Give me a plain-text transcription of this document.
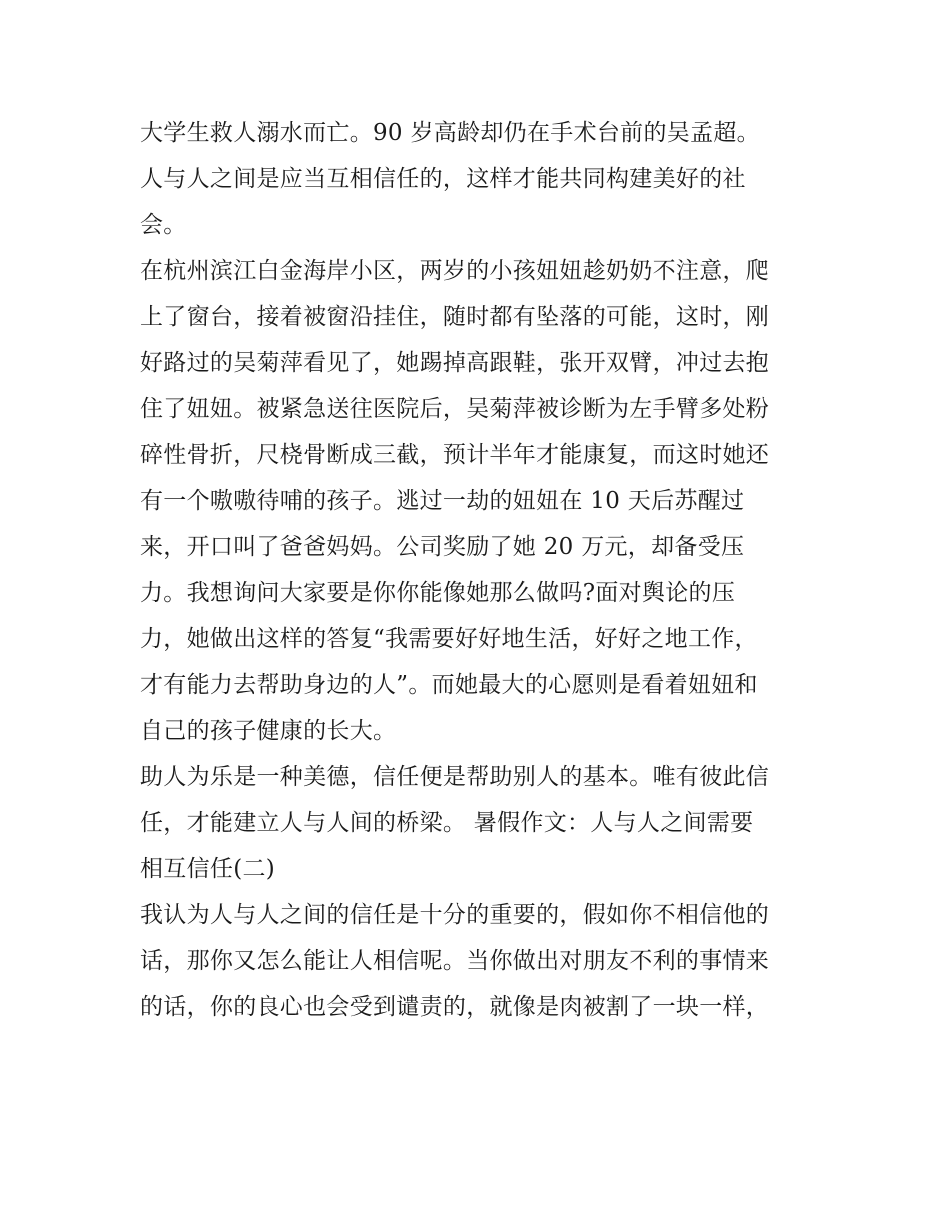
大学生救人溺水而亡。90 岁高龄却仍在手术台前的吴孟超。
人与人之间是应当互相信任的，这样才能共同构建美好的社
会。
在杭州滨江白金海岸小区，两岁的小孩妞妞趁奶奶不注意，爬
上了窗台，接着被窗沿挂住，随时都有坠落的可能，这时，刚
好路过的吴菊萍看见了，她踢掉高跟鞋，张开双臂，冲过去抱
住了妞妞。被紧急送往医院后，吴菊萍被诊断为左手臂多处粉
碎性骨折，尺桡骨断成三截，预计半年才能康复，而这时她还
有一个嗷嗷待哺的孩子。逃过一劫的妞妞在 10 天后苏醒过
来，开口叫了爸爸妈妈。公司奖励了她 20 万元，却备受压
力。我想询问大家要是你你能像她那么做吗?面对舆论的压
力，她做出这样的答复“我需要好好地生活，好好之地工作，
才有能力去帮助身边的人”。而她最大的心愿则是看着妞妞和
自己的孩子健康的长大。
助人为乐是一种美德，信任便是帮助别人的基本。唯有彼此信
任，才能建立人与人间的桥梁。 暑假作文：人与人之间需要
相互信任(二)
我认为人与人之间的信任是十分的重要的，假如你不相信他的
话，那你又怎么能让人相信呢。当你做出对朋友不利的事情来
的话，你的良心也会受到谴责的，就像是肉被割了一块一样，
